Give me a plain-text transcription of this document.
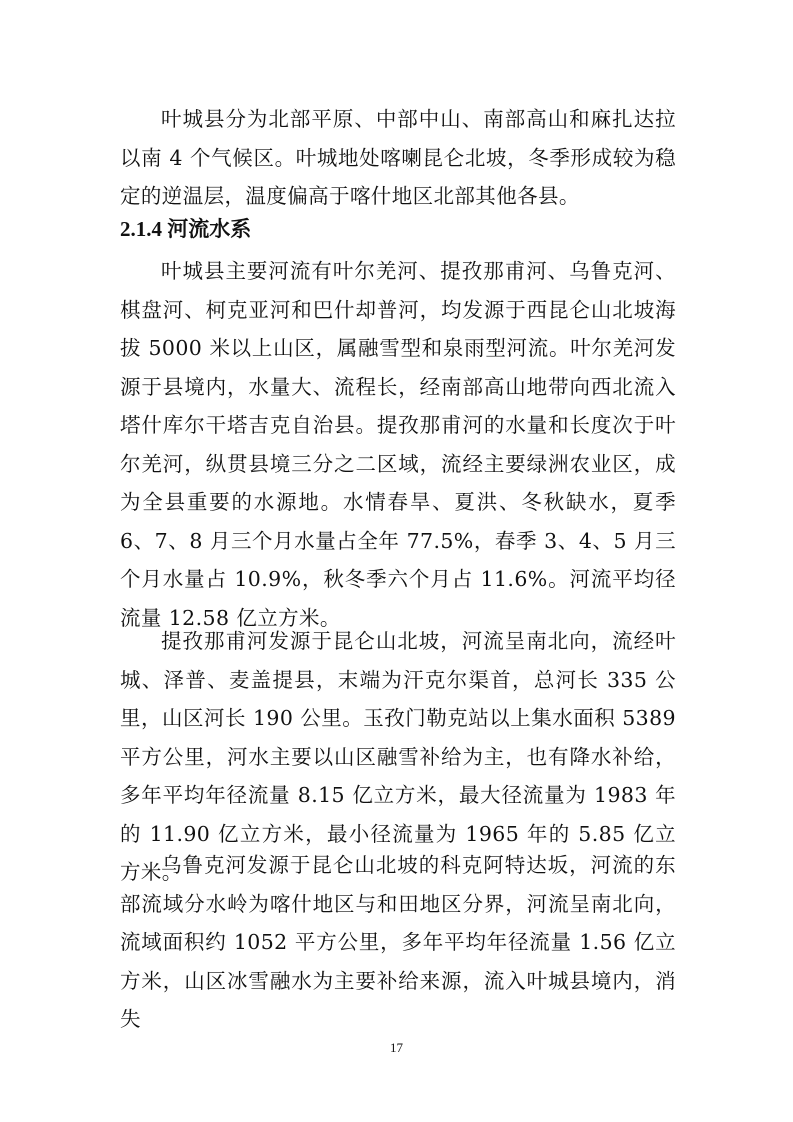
叶城县分为北部平原、中部中山、南部高山和麻扎达拉以南 4 个气候区。叶城地处喀喇昆仑北坡，冬季形成较为稳定的逆温层，温度偏高于喀什地区北部其他各县。

2.1.4 河流水系

叶城县主要河流有叶尔羌河、提孜那甫河、乌鲁克河、棋盘河、柯克亚河和巴什却普河，均发源于西昆仑山北坡海拔 5000 米以上山区，属融雪型和泉雨型河流。叶尔羌河发源于县境内，水量大、流程长，经南部高山地带向西北流入塔什库尔干塔吉克自治县。提孜那甫河的水量和长度次于叶尔羌河，纵贯县境三分之二区域，流经主要绿洲农业区，成为全县重要的水源地。水情春旱、夏洪、冬秋缺水，夏季 6、7、8 月三个月水量占全年 77.5%，春季 3、4、5 月三个月水量占 10.9%，秋冬季六个月占 11.6%。河流平均径流量 12.58 亿立方米。

提孜那甫河发源于昆仑山北坡，河流呈南北向，流经叶城、泽普、麦盖提县，末端为汗克尔渠首，总河长 335 公里，山区河长 190 公里。玉孜门勒克站以上集水面积 5389 平方公里，河水主要以山区融雪补给为主，也有降水补给，多年平均年径流量 8.15 亿立方米，最大径流量为 1983 年的 11.90 亿立方米，最小径流量为 1965 年的 5.85 亿立方米。

乌鲁克河发源于昆仑山北坡的科克阿特达坂，河流的东部流域分水岭为喀什地区与和田地区分界，河流呈南北向，流域面积约 1052 平方公里，多年平均年径流量 1.56 亿立方米，山区冰雪融水为主要补给来源，流入叶城县境内，消失

17
